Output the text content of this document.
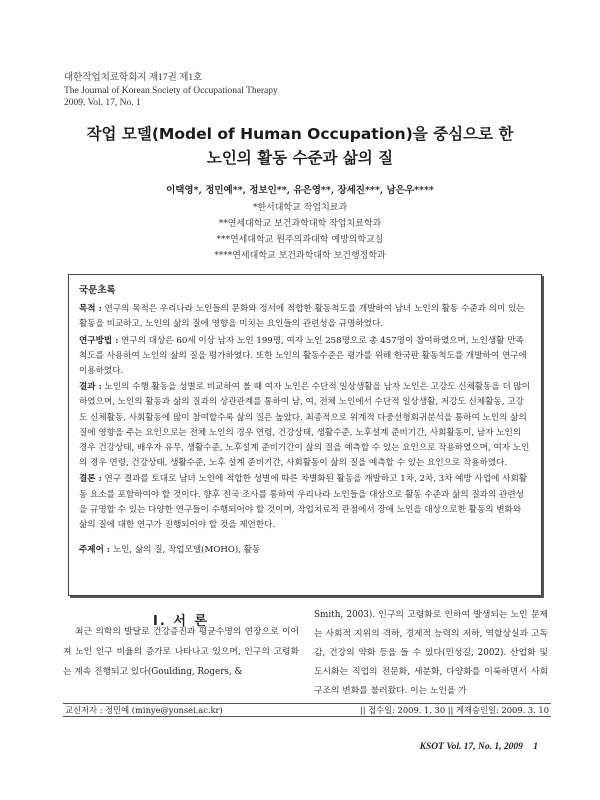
대한작업치료학회지 제17권 제1호
The Journal of Korean Society of Occupational Therapy
2009. Vol. 17, No. 1
작업 모델(Model of Human Occupation)을 중심으로 한
노인의 활동 수준과 삶의 질
이택영*, 정민예**, 정보인**, 유은영**, 장세진***, 남은우****
*한서대학교 작업치료과
**연세대학교 보건과학대학 작업치료학과
***연세대학교 원주의과대학 예방의학교실
****연세대학교 보건과학대학 보건행정학과
국문초록
목적 : 연구의 목적은 우리나라 노인들의 문화와 정서에 적합한 활동척도를 개발하여 남녀 노인의 활동 수준과 의미 있는 활동을 비교하고, 노인의 삶의 질에 영향을 미치는 요인들의 관련성을 규명하였다.
연구방법 : 연구의 대상은 60세 이상 남자 노인 199명, 여자 노인 258명으로 총 457명이 참여하였으며, 노인생활 만족척도를 사용하여 노인의 삶의 질을 평가하였다. 또한 노인의 활동수준은 평가를 위해 한국판 활동척도를 개발하여 연구에 이용하였다.
결과 : 노인의 수행 활동을 성별로 비교하여 볼 때 여자 노인은 수단적 일상생활을 남자 노인은 고강도 신체활동을 더 많이 하였으며, 노인의 활동과 삶의 질과의 상관관계를 통하여 남, 여, 전체 노인에서 수단적 일상생활, 저강도 신체활동, 고강도 신체활동, 사회활동에 많이 참여할수록 삶의 질은 높았다. 최종적으로 위계적 다중선형회귀분석을 통하여 노인의 삶의 질에 영향을 주는 요인으로는 전체 노인의 경우 연령, 건강상태, 생활수준, 노후설계 준비기간, 사회활동이, 남자 노인의 경우 건강상태, 배우자 유무, 생활수준, 노후설계 준비기간이 삶의 질을 예측할 수 있는 요인으로 작용하였으며, 여자 노인의 경우 연령, 건강상태, 생활수준, 노후 설계 준비기간, 사회활동이 삶의 질을 예측할 수 있는 요인으로 작용하였다.
결론 : 연구 결과를 토대로 남녀 노인에 적합한 성별에 따른 차별화된 활동을 개발하고 1차, 2차, 3차 예방 사업에 사회활동 요소를 포함하여야 할 것이다. 향후 전국 조사를 통하여 우리나라 노인들을 대상으로 활동 수준과 삶의 질과의 관련성을 규명할 수 있는 다양한 연구들이 수행되어야 할 것이며, 작업치료적 관점에서 장애 노인을 대상으로한 활동의 변화와 삶의 질에 대한 연구가 진행되어야 할 것을 제언한다.
주제어 : 노인, 삶의 질, 작업모델(MOHO), 활동
I. 서 론

최근 의학의 발달로 건강증진과 평균수명의 연장으로 이어져 노인 인구 비율의 증가로 나타나고 있으며, 인구의 고령화는 계속 진행되고 있다(Goulding, Rogers, &

Smith, 2003). 인구의 고령화로 인하여 발생되는 노인 문제는 사회적 지위의 격하, 경제적 능력의 저하, 역할상실과 고독감, 건강의 약화 등을 들 수 있다(민성길, 2002). 산업화 및 도시화는 직업의 전문화, 세분화, 다양화를 이룩하면서 사회 구조의 변화를 불러왔다. 이는 노인을 가

교신저자 : 정민예 (minye@yonsei.ac.kr)	|| 접수일: 2009. 1. 30 || 게재승인일: 2009. 3. 10
KSOT Vol. 17, No. 1, 2009 1
